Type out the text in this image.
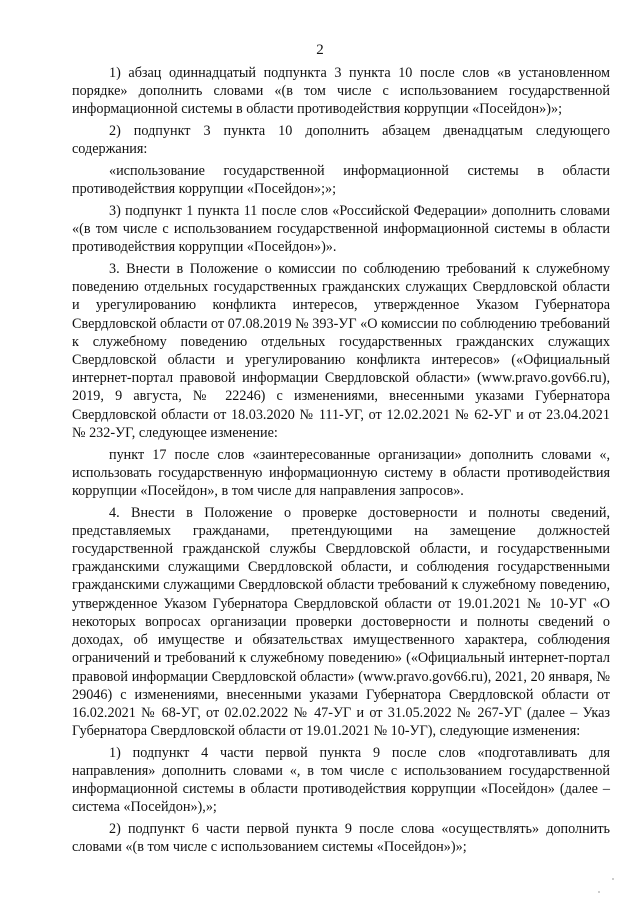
2

1) абзац одиннадцатый подпункта 3 пункта 10 после слов «в установленном порядке» дополнить словами «(в том числе с использованием государственной информационной системы в области противодействия коррупции «Посейдон»)»;

2) подпункт 3 пункта 10 дополнить абзацем двенадцатым следующего содержания:

«использование государственной информационной системы в области противодействия коррупции «Посейдон»;»;

3) подпункт 1 пункта 11 после слов «Российской Федерации» дополнить словами «(в том числе с использованием государственной информационной системы в области противодействия коррупции «Посейдон»)».

3. Внести в Положение о комиссии по соблюдению требований к служебному поведению отдельных государственных гражданских служащих Свердловской области и урегулированию конфликта интересов, утвержденное Указом Губернатора Свердловской области от 07.08.2019 № 393-УГ «О комиссии по соблюдению требований к служебному поведению отдельных государственных гражданских служащих Свердловской области и урегулированию конфликта интересов» («Официальный интернет-портал правовой информации Свердловской области» (www.pravo.gov66.ru), 2019, 9 августа, № 22246) с изменениями, внесенными указами Губернатора Свердловской области от 18.03.2020 № 111-УГ, от 12.02.2021 № 62-УГ и от 23.04.2021 № 232-УГ, следующее изменение:

пункт 17 после слов «заинтересованные организации» дополнить словами «, использовать государственную информационную систему в области противодействия коррупции «Посейдон», в том числе для направления запросов».

4. Внести в Положение о проверке достоверности и полноты сведений, представляемых гражданами, претендующими на замещение должностей государственной гражданской службы Свердловской области, и государственными гражданскими служащими Свердловской области, и соблюдения государственными гражданскими служащими Свердловской области требований к служебному поведению, утвержденное Указом Губернатора Свердловской области от 19.01.2021 № 10-УГ «О некоторых вопросах организации проверки достоверности и полноты сведений о доходах, об имуществе и обязательствах имущественного характера, соблюдения ограничений и требований к служебному поведению» («Официальный интернет-портал правовой информации Свердловской области» (www.pravo.gov66.ru), 2021, 20 января, № 29046) с изменениями, внесенными указами Губернатора Свердловской области от 16.02.2021 № 68-УГ, от 02.02.2022 № 47-УГ и от 31.05.2022 № 267-УГ (далее – Указ Губернатора Свердловской области от 19.01.2021 № 10-УГ), следующие изменения:

1) подпункт 4 части первой пункта 9 после слов «подготавливать для направления» дополнить словами «, в том числе с использованием государственной информационной системы в области противодействия коррупции «Посейдон» (далее – система «Посейдон»),»;

2) подпункт 6 части первой пункта 9 после слова «осуществлять» дополнить словами «(в том числе с использованием системы «Посейдон»)»;
